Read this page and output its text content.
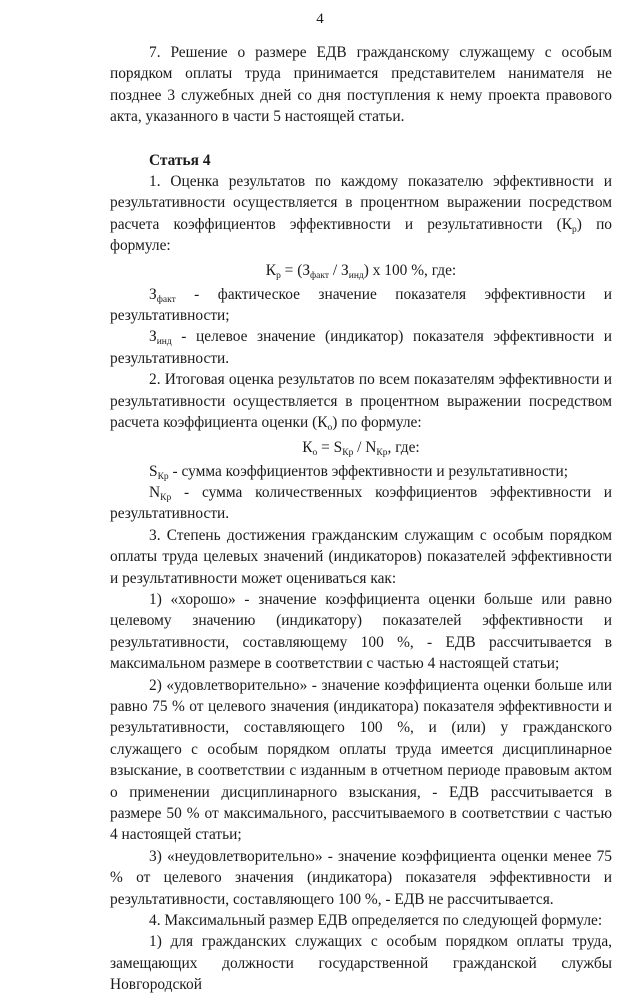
4

7. Решение о размере ЕДВ гражданскому служащему с особым порядком оплаты труда принимается представителем нанимателя не позднее 3 служебных дней со дня поступления к нему проекта правового акта, указанного в части 5 настоящей статьи.

Статья 4

1. Оценка результатов по каждому показателю эффективности и результативности осуществляется в процентном выражении посредством расчета коэффициентов эффективности и результативности $(К_р)$ по формуле:

$К_р = (З_{факт} / З_{инд})$ х 100 %, где:

$З_{факт}$ - фактическое значение показателя эффективности и результативности;

$З_{инд}$ - целевое значение (индикатор) показателя эффективности и результативности.

2. Итоговая оценка результатов по всем показателям эффективности и результативности осуществляется в процентном выражении посредством расчета коэффициента оценки $(К_о)$ по формуле:

$К_о = S_{Кр} / N_{Кр}$, где:

$S_{Кр}$ - сумма коэффициентов эффективности и результативности;

$N_{Кр}$ - сумма количественных коэффициентов эффективности и результативности.

3. Степень достижения гражданским служащим с особым порядком оплаты труда целевых значений (индикаторов) показателей эффективности и результативности может оцениваться как:

1) «хорошо» - значение коэффициента оценки больше или равно целевому значению (индикатору) показателей эффективности и результативности, составляющему 100 %, - ЕДВ рассчитывается в максимальном размере в соответствии с частью 4 настоящей статьи;

2) «удовлетворительно» - значение коэффициента оценки больше или равно 75 % от целевого значения (индикатора) показателя эффективности и результативности, составляющего 100 %, и (или) у гражданского служащего с особым порядком оплаты труда имеется дисциплинарное взыскание, в соответствии с изданным в отчетном периоде правовым актом о применении дисциплинарного взыскания, - ЕДВ рассчитывается в размере 50 % от максимального, рассчитываемого в соответствии с частью 4 настоящей статьи;

3) «неудовлетворительно» - значение коэффициента оценки менее 75 % от целевого значения (индикатора) показателя эффективности и результативности, составляющего 100 %, - ЕДВ не рассчитывается.

4. Максимальный размер ЕДВ определяется по следующей формуле:

1) для гражданских служащих с особым порядком оплаты труда, замещающих должности государственной гражданской службы Новгородской
